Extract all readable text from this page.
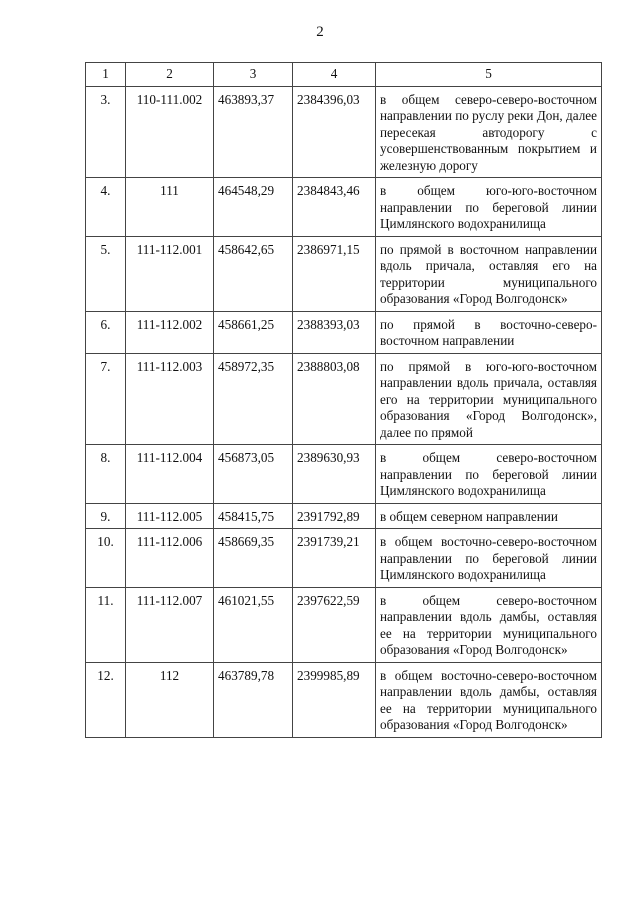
2
1	2	3	4	5
3.	110-111.002	463893,37	2384396,03	в общем северо-северо-восточном направлении по руслу реки Дон, далее пересекая автодорогу с усовершенствованным покрытием и железную дорогу
4.	111	464548,29	2384843,46	в общем юго-юго-восточном направлении по береговой линии Цимлянского водохранилища
5.	111-112.001	458642,65	2386971,15	по прямой в восточном направлении вдоль причала, оставляя его на территории муниципального образования «Город Волгодонск»
6.	111-112.002	458661,25	2388393,03	по прямой в восточно-северо-восточном направлении
7.	111-112.003	458972,35	2388803,08	по прямой в юго-юго-восточном направлении вдоль причала, оставляя его на территории муниципального образования «Город Волгодонск», далее по прямой
8.	111-112.004	456873,05	2389630,93	в общем северо-восточном направлении по береговой линии Цимлянского водохранилища
9.	111-112.005	458415,75	2391792,89	в общем северном направлении
10.	111-112.006	458669,35	2391739,21	в общем восточно-северо-восточном направлении по береговой линии Цимлянского водохранилища
11.	111-112.007	461021,55	2397622,59	в общем северо-восточном направлении вдоль дамбы, оставляя ее на территории муниципального образования «Город Волгодонск»
12.	112	463789,78	2399985,89	в общем восточно-северо-восточном направлении вдоль дамбы, оставляя ее на территории муниципального образования «Город Волгодонск»
